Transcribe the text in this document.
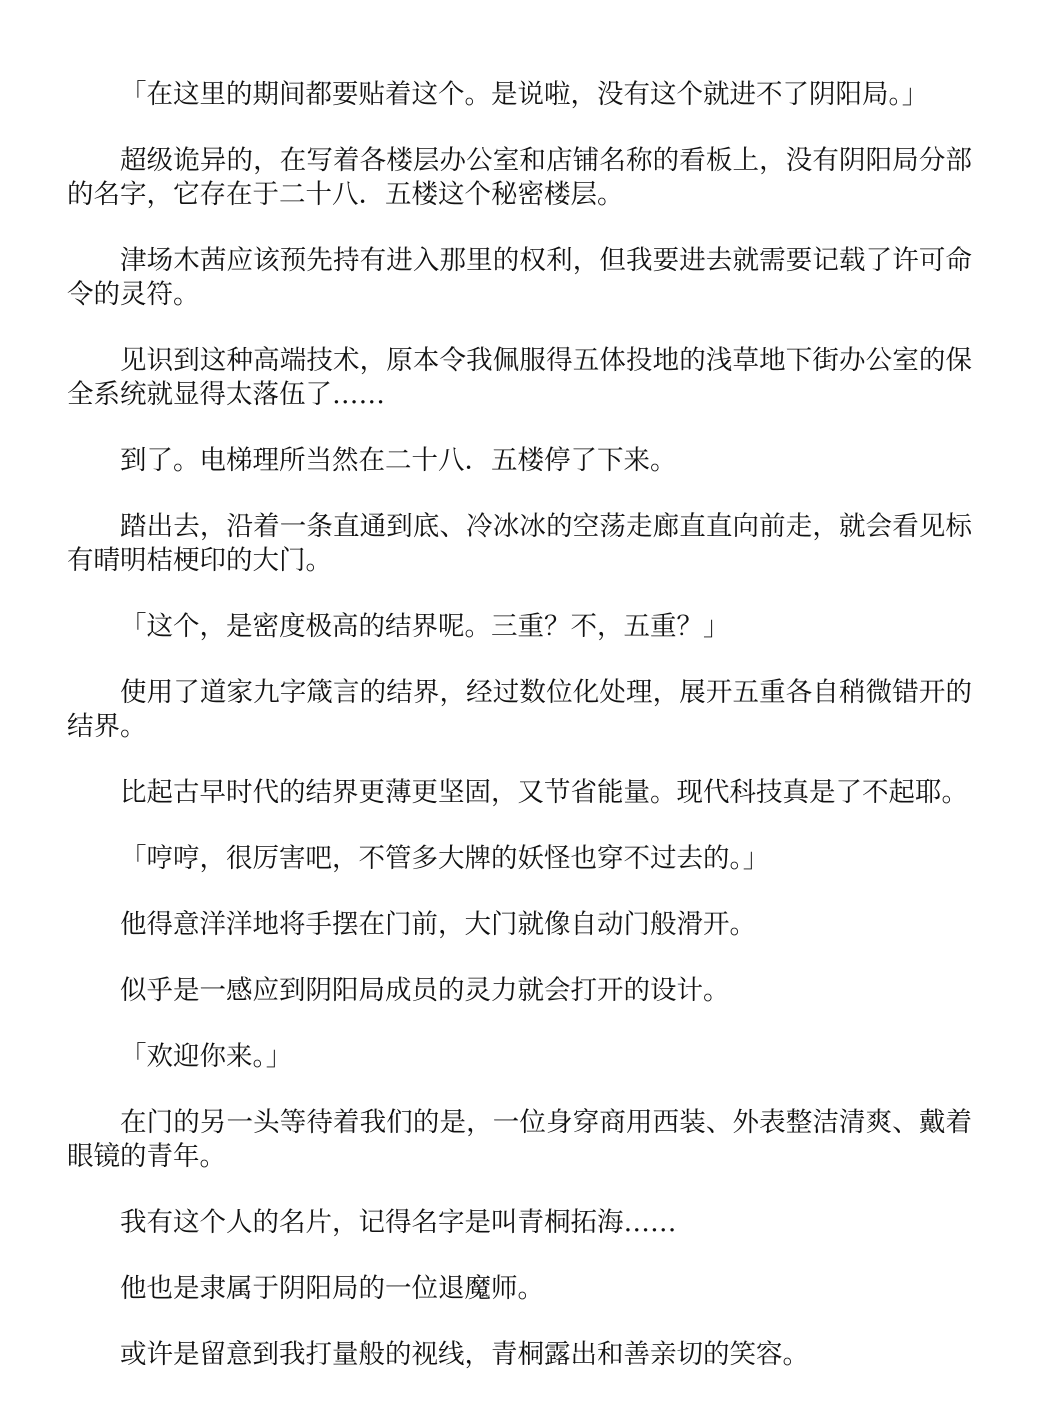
「在这里的期间都要贴着这个。是说啦，没有这个就进不了阴阳局。」

超级诡异的，在写着各楼层办公室和店铺名称的看板上，没有阴阳局分部的名字，它存在于二十八．五楼这个秘密楼层。

津场木茜应该预先持有进入那里的权利，但我要进去就需要记载了许可命令的灵符。

见识到这种高端技术，原本令我佩服得五体投地的浅草地下街办公室的保全系统就显得太落伍了……

到了。电梯理所当然在二十八．五楼停了下来。

踏出去，沿着一条直通到底、冷冰冰的空荡走廊直直向前走，就会看见标有晴明桔梗印的大门。

「这个，是密度极高的结界呢。三重？不，五重？」

使用了道家九字箴言的结界，经过数位化处理，展开五重各自稍微错开的结界。

比起古早时代的结界更薄更坚固，又节省能量。现代科技真是了不起耶。

「哼哼，很厉害吧，不管多大牌的妖怪也穿不过去的。」

他得意洋洋地将手摆在门前，大门就像自动门般滑开。

似乎是一感应到阴阳局成员的灵力就会打开的设计。

「欢迎你来。」

在门的另一头等待着我们的是，一位身穿商用西装、外表整洁清爽、戴着眼镜的青年。

我有这个人的名片，记得名字是叫青桐拓海……

他也是隶属于阴阳局的一位退魔师。

或许是留意到我打量般的视线，青桐露出和善亲切的笑容。
